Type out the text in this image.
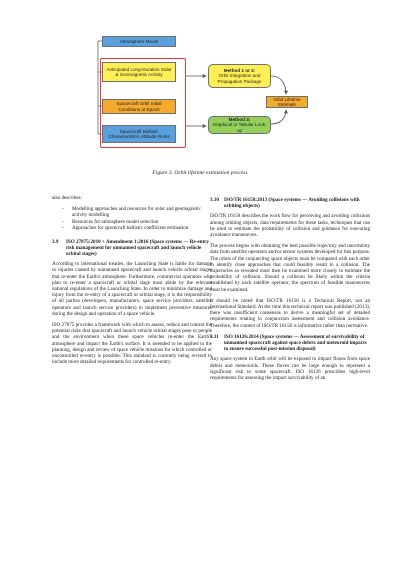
Atmosphere Model
Anticipated Long-Duration Solar & Geomagnetic Activity
Spacecraft Orbit Initial Conditions at Epoch
Spacecraft Ballistic Characteristics, Attitude Rules
Method 1 or 2:
Orbit Integration and Propagation Package
Method 3:
Graphical or Tabular Look-up
Orbit Lifetime Estimate
Figure 3. Orbit lifetime estimation process

also describes:

- Modelling approaches and resources for solar and geomagnetic activity modelling
- Resources for atmosphere model selection
- Approaches for spacecraft ballistic coefficient estimation
3.9	ISO 27875:2010 + Amendment 1:2016 (Space systems — Re-entry risk management for unmanned spacecraft and launch vehicle orbital stages)

According to international treaties, the Launching State is liable for damage or injuries caused by unmanned spacecraft and launch vehicle orbital stages that re-enter the Earth's atmosphere. Furthermore, commercial operators who plan to re-enter a spacecraft or orbital stage must abide by the relevant national regulations of the Launching State. In order to minimize damage and injury from the re-entry of a spacecraft or orbital stage, it is the responsibility of all parties (developers, manufacturers, space service providers, satellite operators and launch service providers) to implement preventive measures during the design and operation of a space vehicle.

ISO 27875 provides a framework with which to assess, reduce and control the potential risks that spacecraft and launch vehicle orbital stages pose to people and the environment when these space vehicles re-enter the Earth's atmosphere and impact the Earth's surface. It is intended to be applied to the planning, design and review of space vehicle missions for which controlled or uncontrolled re-entry is possible. This standard is currently being revised to include more detailed requirements for controlled re-entry.

3.10 ISO/TR 16158:2013 (Space systems — Avoiding collisions with orbiting objects)

ISO/TR 16158 describes the work flow for perceiving and avoiding collisions among orbiting objects, data requirements for these tasks, techniques that can be used to estimate the probability of collision and guidance for executing avoidance manoeuvres.

The process begins with obtaining the best possible trajectory and uncertainty data from satellite operators and/or sensor systems developed for this purpose. The orbits of the conjuncting space objects must be compared with each other to identify close approaches that could feasibly result in a collision. The trajectories so revealed must then be examined more closely to estimate the probability of collision. Should a collision be likely within the criteria established by each satellite operator, the spectrum of feasible manoeuvres must be examined.

It should be noted that ISO/TR 16158 is a Technical Report, not an International Standard. At the time this technical report was published (2013), there was insufficient consensus to derive a meaningful set of detailed requirements relating to conjunction assessment and collision avoidance. Therefore, the content of ISO/TR 16158 is informative rather than normative.

3.11	ISO 16126:2014 (Space systems — Assessment of survivability of unmanned spacecraft against space debris and meteoroid impacts to ensure successful post-mission disposal)

Any space system in Earth orbit will be exposed to impact fluxes from space debris and meteoroids. These fluxes can be large enough to represent a significant risk to some spacecraft. ISO 16126 prescribes high-level requirements for assessing the impact survivability of an
